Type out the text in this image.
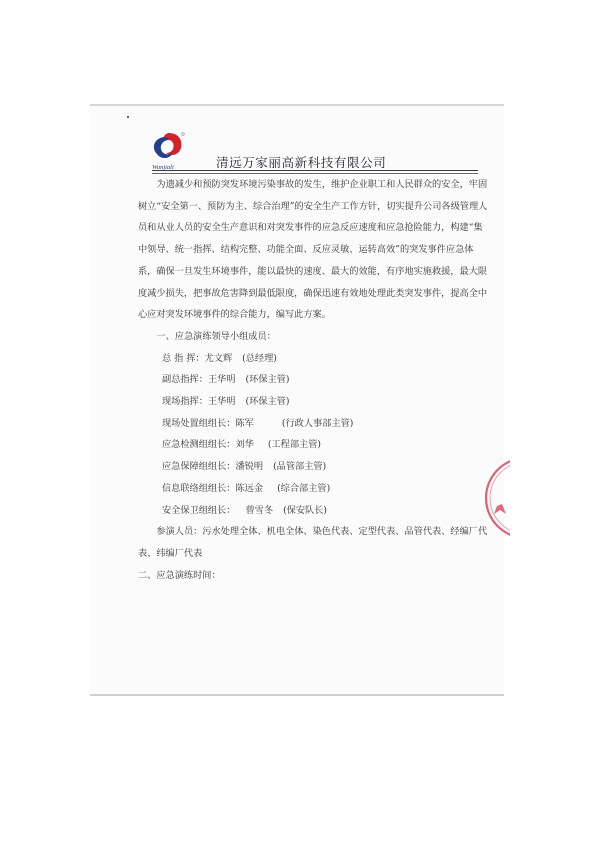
Wanjiali	清远万家丽高新科技有限公司

为遗减少和预防突发环境污染事故的发生，维护企业职工和人民群众的安全，牢固树立“安全第一、预防为主、综合治理”的安全生产工作方针，切实提升公司各级管理人员和从业人员的安全生产意识和对突发事件的应急反应速度和应急抢险能力，构建“集中领导、统一指挥、结构完整、功能全面、反应灵敏、运转高效”的突发事件应急体系，确保一旦发生环境事件，能以最快的速度、最大的效能，有序地实施救援，最大限度减少损失，把事故危害降到最低限度，确保迅速有效地处理此类突发事件，提高全中心应对突发环境事件的综合能力，编写此方案。

一、应急演练领导小组成员：

总 指 挥：尤文辉 (总经理)

副总指挥：王华明 (环保主管)

现场指挥：王华明 (环保主管)

现场处置组组长：陈军	(行政人事部主管)

应急检测组组长：刘华 (工程部主管)

应急保障组组长：潘锐明 (品管部主管)

信息联络组组长：陈远金 (综合部主管)

安全保卫组组长： 曾雪冬 (保安队长)

参演人员：污水处理全体、机电全体、染色代表、定型代表、品管代表、经编厂代表、纬编厂代表

二、应急演练时间：
